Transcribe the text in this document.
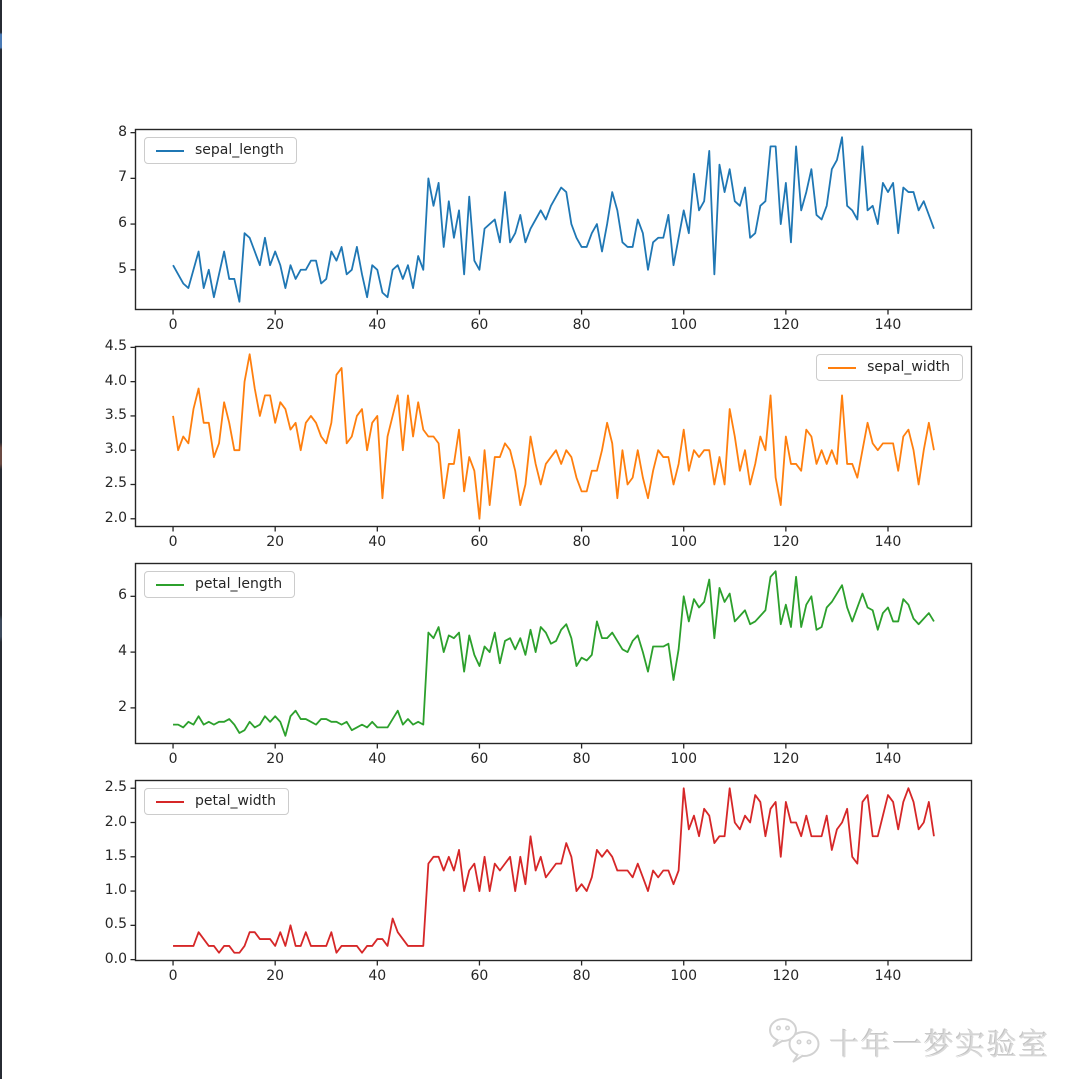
sepal_length
0	20	40	60	80	100	120	140
5
6
7
8
sepal_width
0	20	40	60	80	100	120	140
2.0
2.5
3.0
3.5
4.0
4.5
petal_length
0	20	40	60	80	100	120	140
2
4
6
petal_width
0	20	40	60	80	100	120	140
0.0
0.5
1.0
1.5
2.0
2.5
十年一梦实验室
